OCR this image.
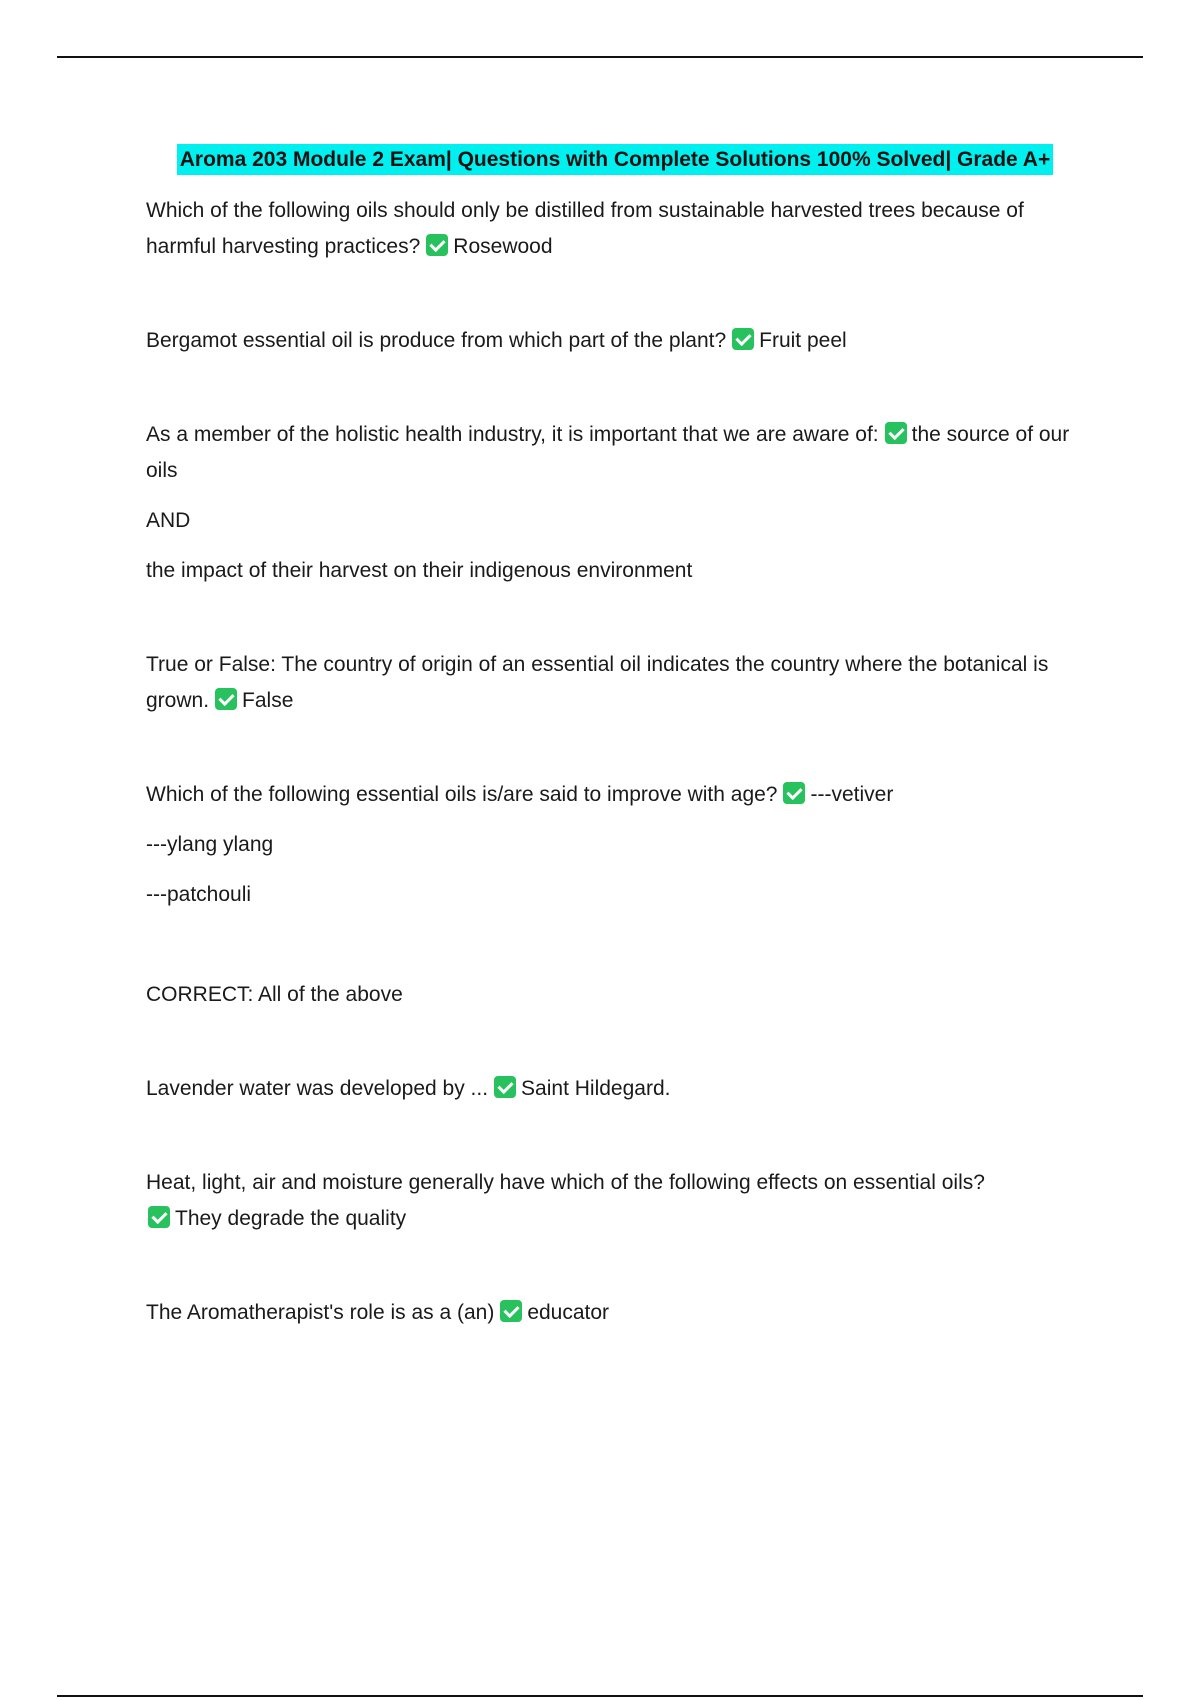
Aroma 203 Module 2 Exam| Questions with Complete Solutions 100% Solved| Grade A+

Which of the following oils should only be distilled from sustainable harvested trees because of harmful harvesting practices? Rosewood

Bergamot essential oil is produce from which part of the plant? Fruit peel

As a member of the holistic health industry, it is important that we are aware of: the source of our oils

AND

the impact of their harvest on their indigenous environment

True or False: The country of origin of an essential oil indicates the country where the botanical is grown. False

Which of the following essential oils is/are said to improve with age? ---vetiver

---ylang ylang

---patchouli

CORRECT: All of the above

Lavender water was developed by ... Saint Hildegard.

Heat, light, air and moisture generally have which of the following effects on essential oils?
They degrade the quality

The Aromatherapist's role is as a (an) educator
